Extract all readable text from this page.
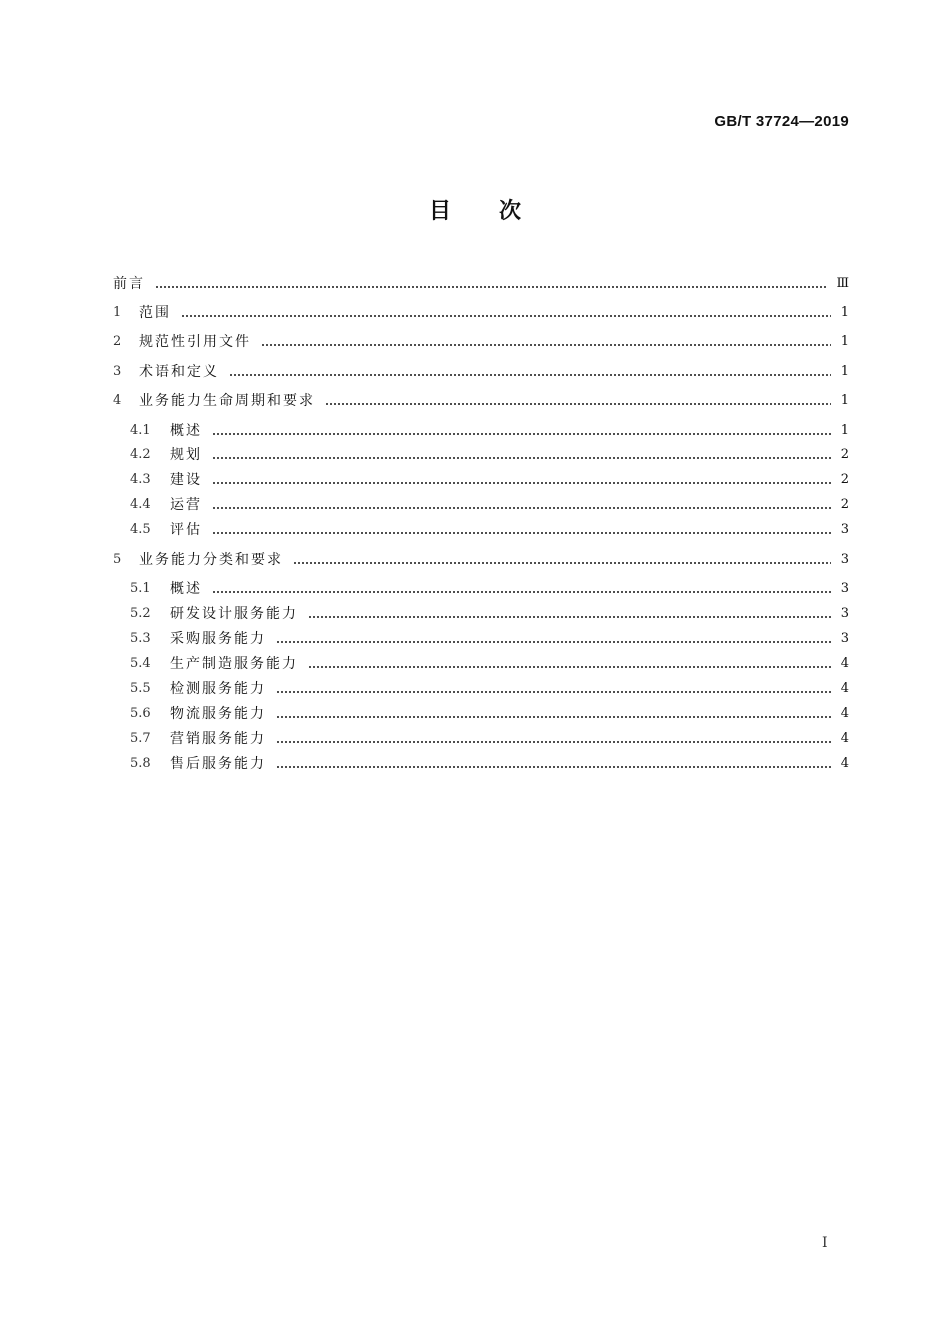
GB/T 37724—2019
目次
前言	Ⅲ
1	范围	1
2	规范性引用文件	1
3	术语和定义	1
4	业务能力生命周期和要求	1
4.1	概述	1
4.2	规划	2
4.3	建设	2
4.4	运营	2
4.5	评估	3
5	业务能力分类和要求	3
5.1	概述	3
5.2	研发设计服务能力	3
5.3	采购服务能力	3
5.4	生产制造服务能力	4
5.5	检测服务能力	4
5.6	物流服务能力	4
5.7	营销服务能力	4
5.8	售后服务能力	4
I
